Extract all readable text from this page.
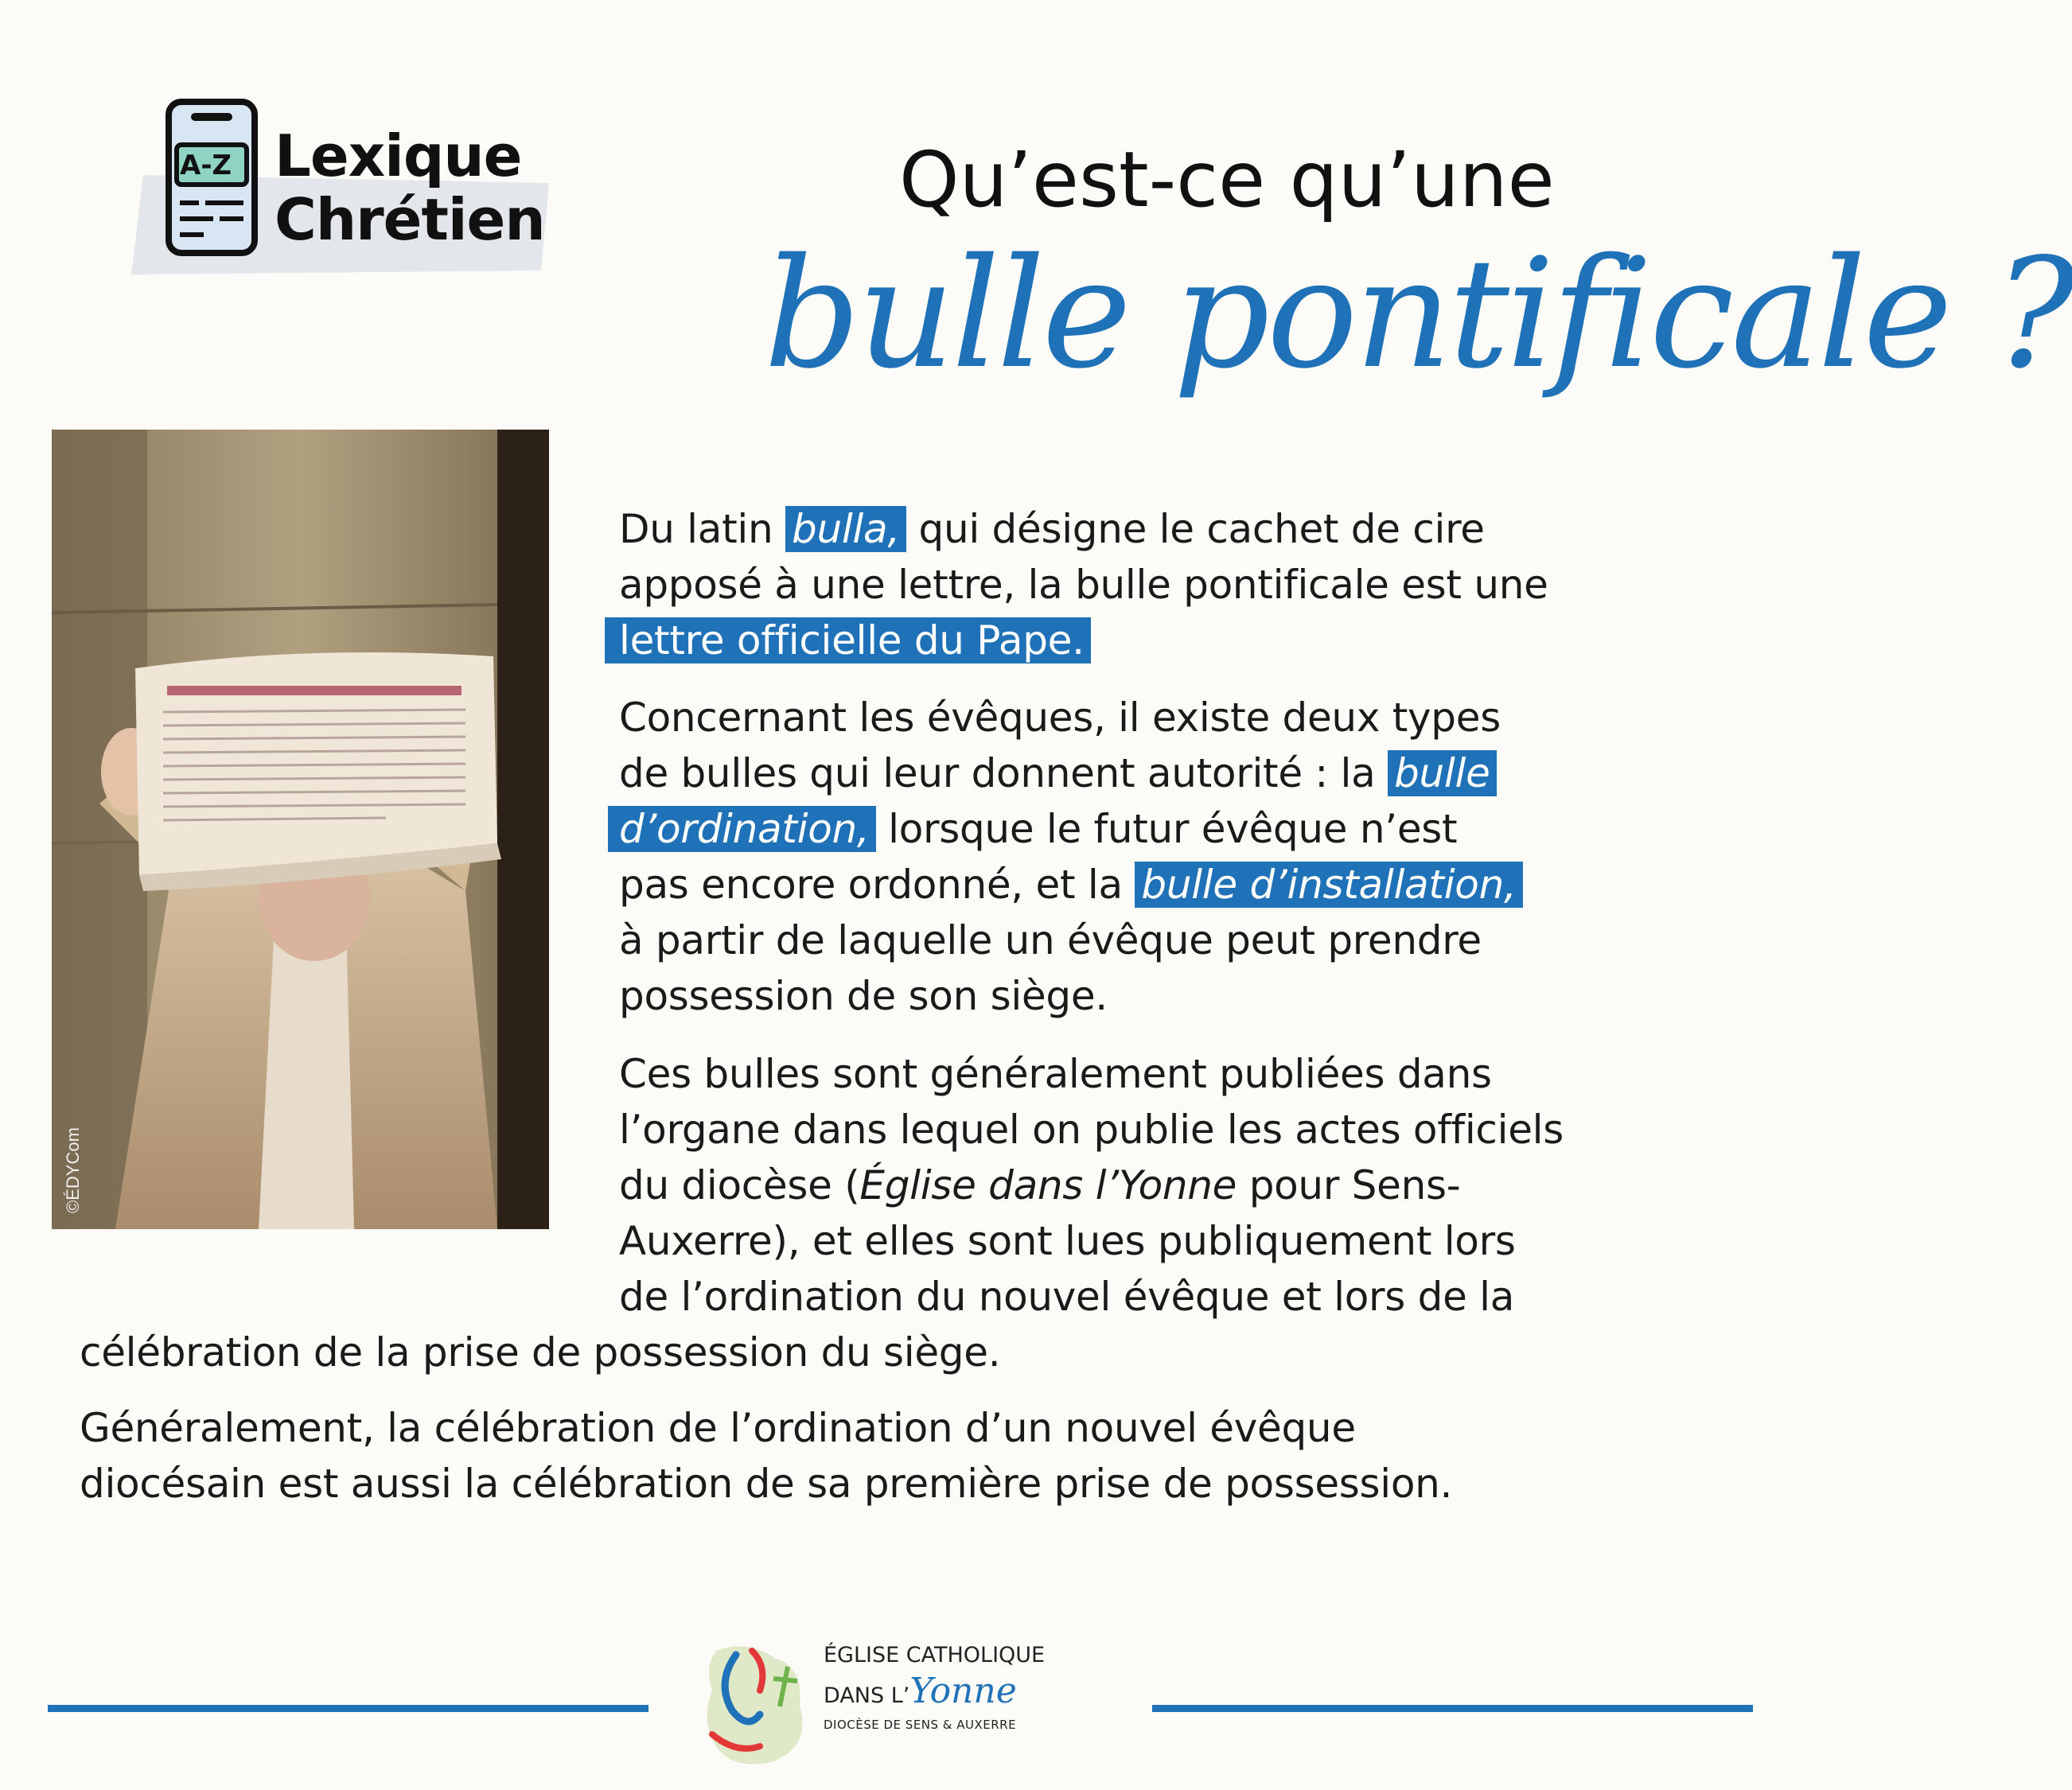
A-Z Lexique
Chrétien	Qu’est-ce qu’une
bulle pontificale ?
©ÉDYCom
Du latin bulla, qui désigne le cachet de cire
apposé à une lettre, la bulle pontificale est une
lettre officielle du Pape.
Concernant les évêques, il existe deux types
de bulles qui leur donnent autorité : la bulle
d’ordination, lorsque le futur évêque n’est
pas encore ordonné, et la bulle d’installation,
à partir de laquelle un évêque peut prendre
possession de son siège.
Ces bulles sont généralement publiées dans
l’organe dans lequel on publie les actes officiels
du diocèse (Église dans l’Yonne pour Sens-
Auxerre), et elles sont lues publiquement lors
de l’ordination du nouvel évêque et lors de la
célébration de la prise de possession du siège.
Généralement, la célébration de l’ordination d’un nouvel évêque
diocésain est aussi la célébration de sa première prise de possession.
ÉGLISE CATHOLIQUE
DANS L’Yonne
DIOCÈSE DE SENS & AUXERRE
